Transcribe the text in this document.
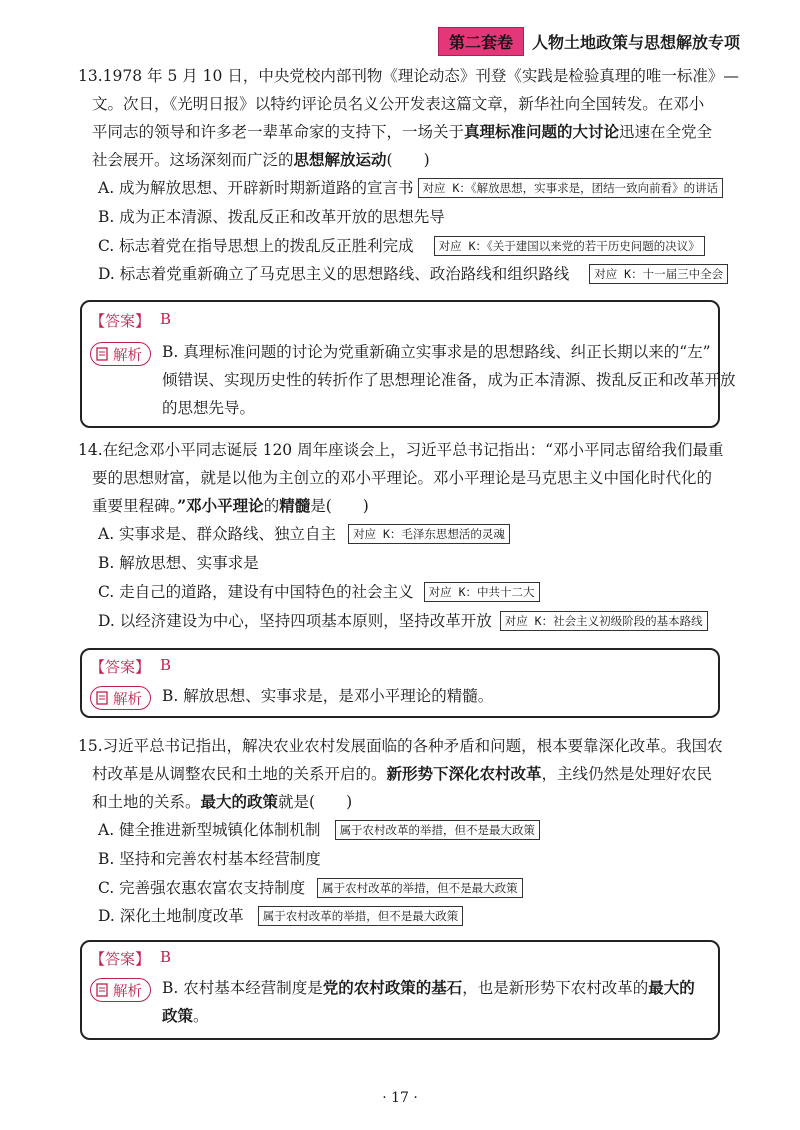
第二套卷	人物土地政策与思想解放专项
13.1978 年 5 月 10 日，中央党校内部刊物《理论动态》刊登《实践是检验真理的唯一标准》—
文。次日，《光明日报》以特约评论员名义公开发表这篇文章，新华社向全国转发。在邓小
平同志的领导和许多老一辈革命家的支持下，一场关于真理标准问题的大讨论迅速在全党全
社会展开。这场深刻而广泛的思想解放运动(　　)
A. 成为解放思想、开辟新时期新道路的宣言书 对应 K：《解放思想，实事求是，团结一致向前看》的讲话
B. 成为正本清源、拨乱反正和改革开放的思想先导
C. 标志着党在指导思想上的拨乱反正胜利完成	对应 K：《关于建国以来党的若干历史问题的决议》
D. 标志着党重新确立了马克思主义的思想路线、政治路线和组织路线	对应 K：十一届三中全会
【答案】 B
解析 B. 真理标准问题的讨论为党重新确立实事求是的思想路线、纠正长期以来的“左”
倾错误、实现历史性的转折作了思想理论准备，成为正本清源、拨乱反正和改革开放
的思想先导。
14.在纪念邓小平同志诞辰 120 周年座谈会上，习近平总书记指出：“邓小平同志留给我们最重
要的思想财富，就是以他为主创立的邓小平理论。邓小平理论是马克思主义中国化时代化的
重要里程碑。”邓小平理论的精髓是(　　)
A. 实事求是、群众路线、独立自主	对应 K：毛泽东思想活的灵魂
B. 解放思想、实事求是
C. 走自己的道路，建设有中国特色的社会主义	对应 K：中共十二大
D. 以经济建设为中心，坚持四项基本原则，坚持改革开放	对应 K：社会主义初级阶段的基本路线
【答案】 B
解析 B. 解放思想、实事求是，是邓小平理论的精髓。
15.习近平总书记指出，解决农业农村发展面临的各种矛盾和问题，根本要靠深化改革。我国农
村改革是从调整农民和土地的关系开启的。新形势下深化农村改革，主线仍然是处理好农民
和土地的关系。最大的政策就是(　　)
A. 健全推进新型城镇化体制机制	属于农村改革的举措，但不是最大政策
B. 坚持和完善农村基本经营制度
C. 完善强农惠农富农支持制度	属于农村改革的举措，但不是最大政策
D. 深化土地制度改革	属于农村改革的举措，但不是最大政策
【答案】 B
解析 B. 农村基本经营制度是党的农村政策的基石，也是新形势下农村改革的最大的
政策。
· 17 ·
